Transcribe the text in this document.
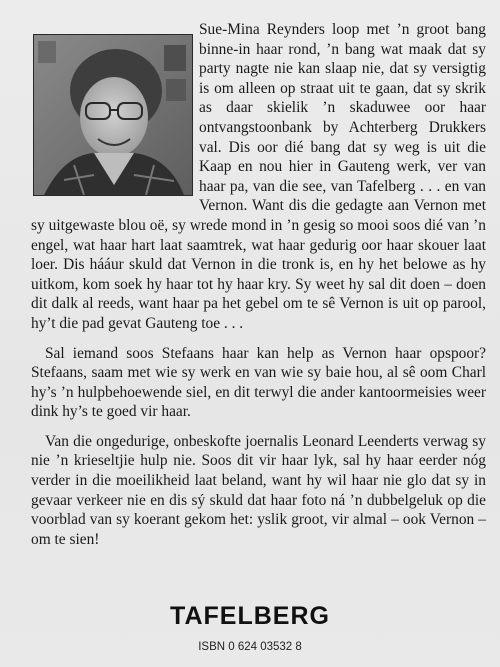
Sue-Mina Reynders loop met ’n groot bang binne-in haar rond, ’n bang wat maak dat sy party nagte nie kan slaap nie, dat sy versigtig is om alleen op straat uit te gaan, dat sy skrik as daar skielik ’n skaduwee oor haar ontvangstoonbank by Achterberg Drukkers val. Dis oor dié bang dat sy weg is uit die Kaap en nou hier in Gauteng werk, ver van haar pa, van die see, van Tafelberg . . . en van Vernon. Want dis die gedagte aan Vernon met sy uitgewaste blou oë, sy wrede mond in ’n gesig so mooi soos dié van ’n engel, wat haar hart laat saamtrek, wat haar gedurig oor haar skouer laat loer. Dis hááur skuld dat Vernon in die tronk is, en hy het belowe as hy uitkom, kom soek hy haar tot hy haar kry. Sy weet hy sal dit doen – doen dit dalk al reeds, want haar pa het gebel om te sê Vernon is uit op parool, hy’t die pad gevat Gauteng toe . . .

Sal iemand soos Stefaans haar kan help as Vernon haar opspoor? Stefaans, saam met wie sy werk en van wie sy baie hou, al sê oom Charl hy’s ’n hulpbehoewende siel, en dit terwyl die ander kantoormeisies weer dink hy’s te goed vir haar.

Van die ongedurige, onbeskofte joernalis Leonard Leenderts verwag sy nie ’n krieseltjie hulp nie. Soos dit vir haar lyk, sal hy haar eerder nóg verder in die moeilikheid laat beland, want hy wil haar nie glo dat sy in gevaar verkeer nie en dis sý skuld dat haar foto ná ’n dubbelgeluk op die voorblad van sy koerant gekom het: yslik groot, vir almal – ook Vernon – om te sien!

TAFELBERG
ISBN 0 624 03532 8
